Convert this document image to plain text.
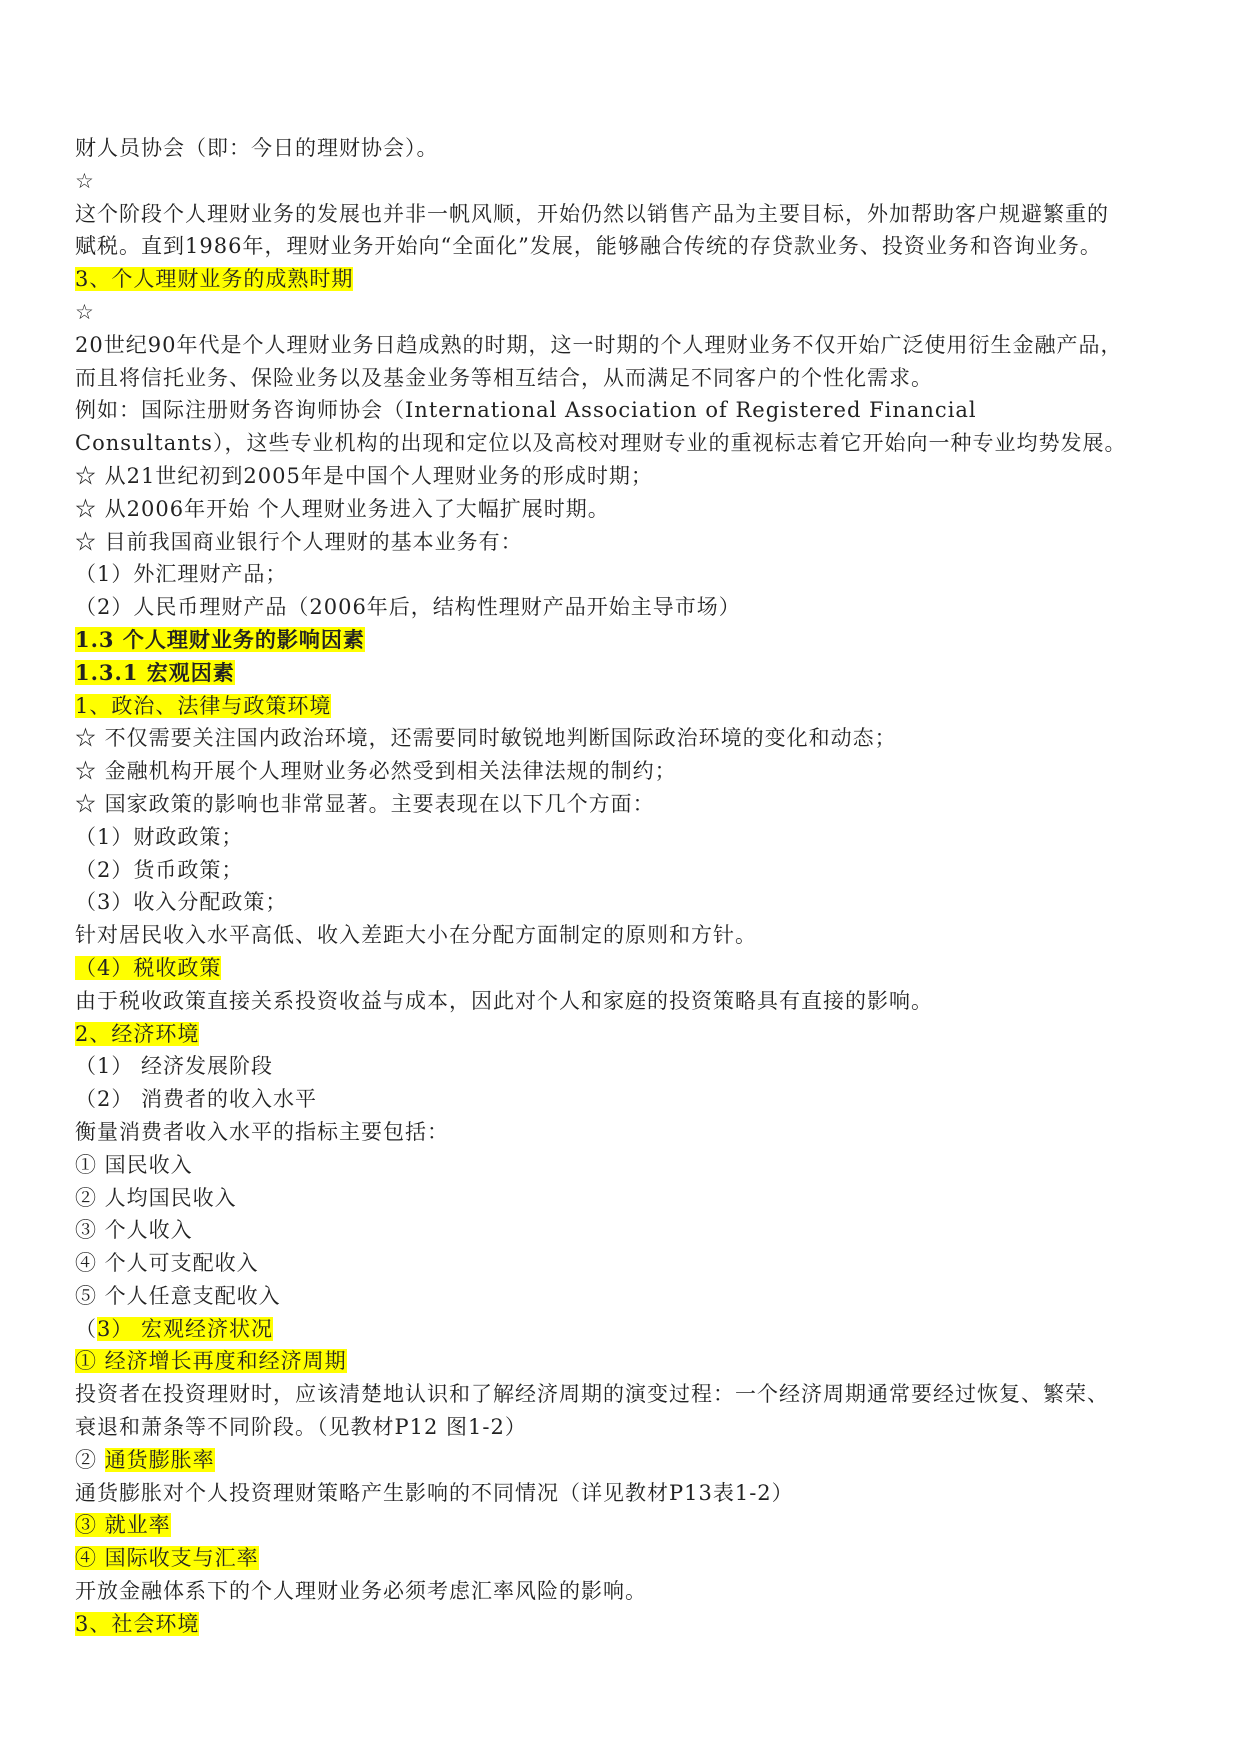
财人员协会（即：今日的理财协会）。
☆
这个阶段个人理财业务的发展也并非一帆风顺，开始仍然以销售产品为主要目标，外加帮助客户规避繁重的
赋税。直到1986年，理财业务开始向“全面化”发展，能够融合传统的存贷款业务、投资业务和咨询业务。
3、个人理财业务的成熟时期
☆
20世纪90年代是个人理财业务日趋成熟的时期，这一时期的个人理财业务不仅开始广泛使用衍生金融产品，
而且将信托业务、保险业务以及基金业务等相互结合，从而满足不同客户的个性化需求。
例如：国际注册财务咨询师协会（International Association of Registered Financial
Consultants），这些专业机构的出现和定位以及高校对理财专业的重视标志着它开始向一种专业均势发展。
☆ 从21世纪初到2005年是中国个人理财业务的形成时期；
☆ 从2006年开始 个人理财业务进入了大幅扩展时期。
☆ 目前我国商业银行个人理财的基本业务有：
（1）外汇理财产品；
（2）人民币理财产品（2006年后，结构性理财产品开始主导市场）
1.3 个人理财业务的影响因素
1.3.1 宏观因素
1、政治、法律与政策环境
☆ 不仅需要关注国内政治环境，还需要同时敏锐地判断国际政治环境的变化和动态；
☆ 金融机构开展个人理财业务必然受到相关法律法规的制约；
☆ 国家政策的影响也非常显著。主要表现在以下几个方面：
（1）财政政策；
（2）货币政策；
（3）收入分配政策；
针对居民收入水平高低、收入差距大小在分配方面制定的原则和方针。
（4）税收政策
由于税收政策直接关系投资收益与成本，因此对个人和家庭的投资策略具有直接的影响。
2、经济环境
（1） 经济发展阶段
（2） 消费者的收入水平
衡量消费者收入水平的指标主要包括：
① 国民收入
② 人均国民收入
③ 个人收入
④ 个人可支配收入
⑤ 个人任意支配收入
（3） 宏观经济状况
① 经济增长再度和经济周期
投资者在投资理财时，应该清楚地认识和了解经济周期的演变过程：一个经济周期通常要经过恢复、繁荣、
衰退和萧条等不同阶段。（见教材P12 图1-2）
② 通货膨胀率
通货膨胀对个人投资理财策略产生影响的不同情况（详见教材P13表1-2）
③ 就业率
④ 国际收支与汇率
开放金融体系下的个人理财业务必须考虑汇率风险的影响。
3、社会环境
